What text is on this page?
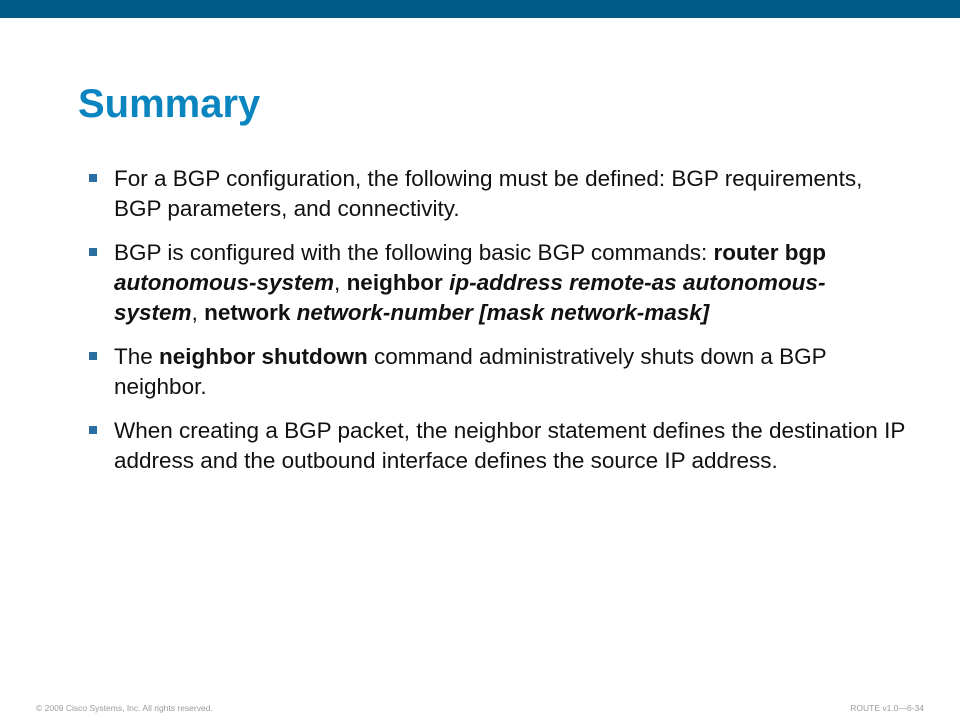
Summary
For a BGP configuration, the following must be defined: BGP requirements, BGP parameters, and connectivity.
BGP is configured with the following basic BGP commands: router bgp autonomous-system, neighbor ip-address remote-as autonomous-system, network network-number [mask network-mask]
The neighbor shutdown command administratively shuts down a BGP neighbor.
When creating a BGP packet, the neighbor statement defines the destination IP address and the outbound interface defines the source IP address.
© 2009 Cisco Systems, Inc. All rights reserved.	ROUTE v1.0—6-34
